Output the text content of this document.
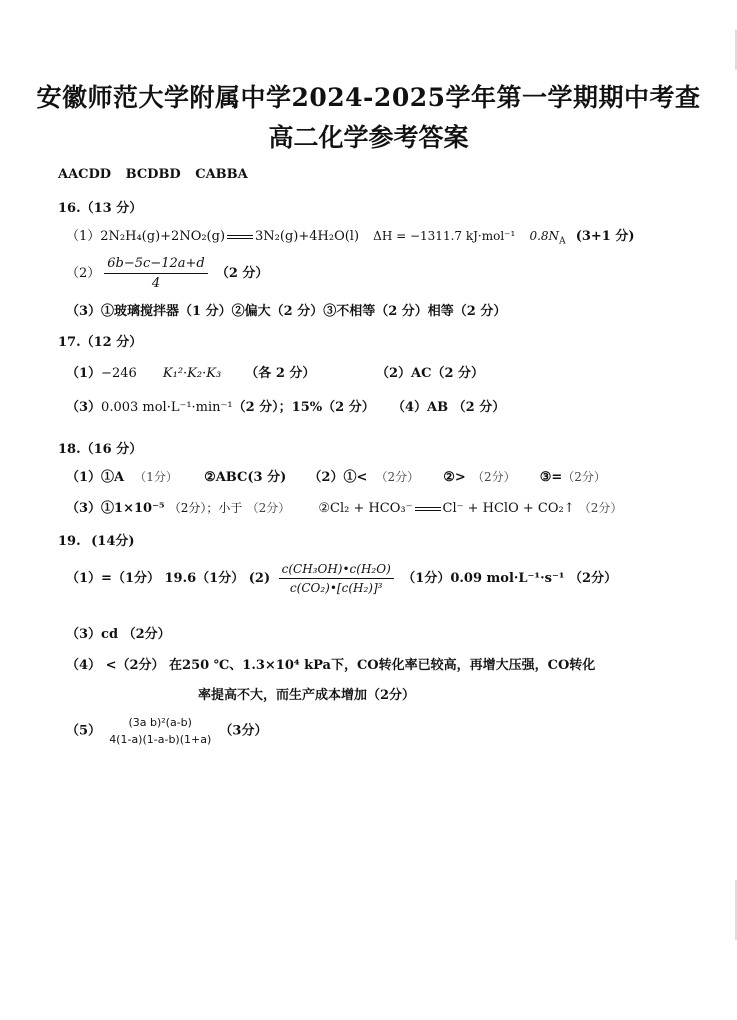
安徽师范大学附属中学2024-2025学年第一学期期中考查
高二化学参考答案
AACDD BCDBD CABBA
16.（13 分）
（1）2N₂H₄(g)+2NO₂(g) 3N₂(g)+4H₂O(l) ΔH = −1311.7 kJ·mol⁻¹ $0.8N_A$ (3+1 分)
$(2) \frac{6b-5c-12a+d}{4} (2$ 分）
（3）①玻璃搅拌器（1 分）②偏大（2 分）③不相等（2 分）相等（2 分）
17.（12 分）
（1）−246 K₁²·K₂·K₃ （各 2 分）	（2）AC（2 分）
（3）0.003 mol·L⁻¹·min⁻¹（2 分）；15%（2 分） （4）AB （2 分）
18.（16 分）
（1）①A （1分） ②ABC(3 分) （2）①< （2分） ②> （2分） ③=（2分）
（3）①1×10⁻⁵ （2分）；小于 （2分） ②Cl₂ + HCO₃⁻ Cl⁻ + HClO + CO₂↑ （2分）
19. (14分)
（1）=（1分） 19.6（1分） $(2) \frac{\text{c(CH₃OH)•c(H₂O)}}{\text{c(CO₂)•[c(H₂)]³}} (1$分）0.09 mol·L⁻¹·s⁻¹ （2分）
（3）cd （2分）
（4） <（2分） 在250 ℃、1.3×10⁴ kPa下，CO转化率已较高，再增大压强，CO转化
率提高不大，而生产成本增加（2分）
（5）
(3a b)²(a-b)
4(1-a)(1-a-b)(1+a)
（3分）
